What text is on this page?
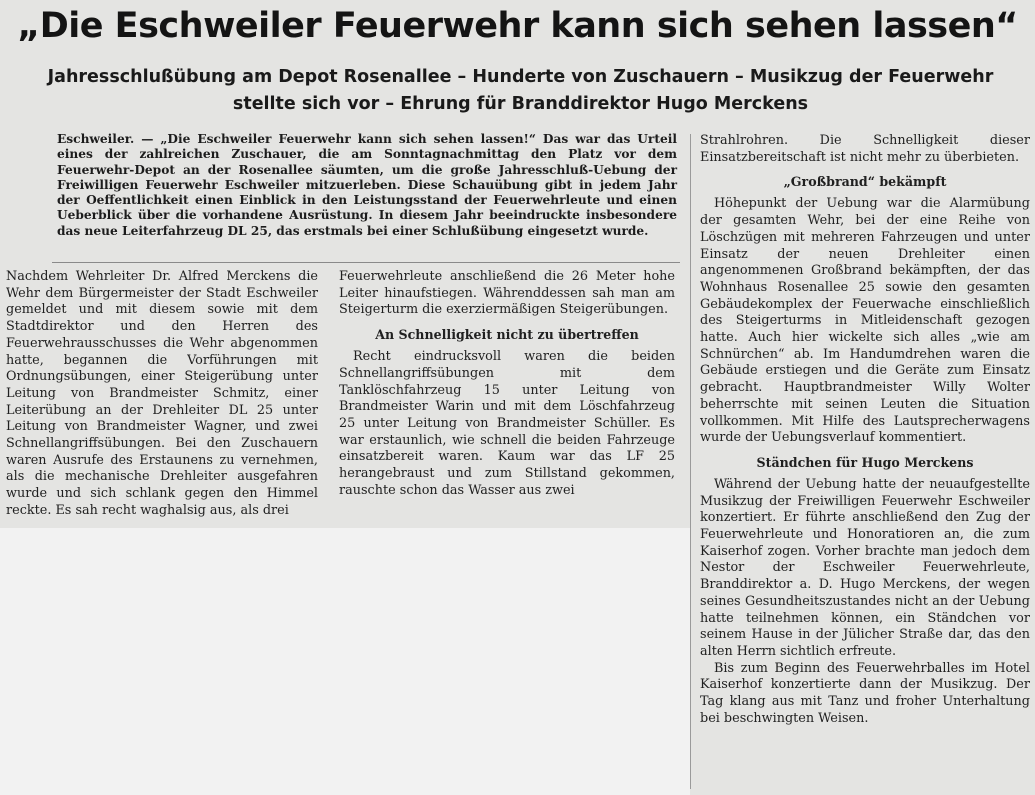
„Die Eschweiler Feuerwehr kann sich sehen lassen“
Jahresschlußübung am Depot Rosenallee – Hunderte von Zuschauern – Musikzug der Feuerwehr stellte sich vor – Ehrung für Branddirektor Hugo Merckens
Eschweiler. — „Die Eschweiler Feuerwehr kann sich sehen lassen!“ Das war das Urteil eines der zahlreichen Zuschauer, die am Sonntagnachmittag den Platz vor dem Feuerwehr-Depot an der Rosenallee säumten, um die große Jahresschluß-Uebung der Freiwilligen Feuerwehr Eschweiler mitzuerleben. Diese Schauübung gibt in jedem Jahr der Oeffentlichkeit einen Einblick in den Leistungsstand der Feuerwehrleute und einen Ueberblick über die vorhandene Ausrüstung. In diesem Jahr beeindruckte insbesondere das neue Leiterfahrzeug DL 25, das erstmals bei einer Schlußübung eingesetzt wurde.

Nachdem Wehrleiter Dr. Alfred Merckens die Wehr dem Bürgermeister der Stadt Eschweiler gemeldet und mit diesem sowie mit dem Stadtdirektor und den Herren des Feuerwehrausschusses die Wehr abgenommen hatte, begannen die Vorführungen mit Ordnungsübungen, einer Steigerübung unter Leitung von Brandmeister Schmitz, einer Leiterübung an der Drehleiter DL 25 unter Leitung von Brandmeister Wagner, und zwei Schnellangriffsübungen. Bei den Zuschauern waren Ausrufe des Erstaunens zu vernehmen, als die mechanische Drehleiter ausgefahren wurde und sich schlank gegen den Himmel reckte. Es sah recht waghalsig aus, als drei

Feuerwehrleute anschließend die 26 Meter hohe Leiter hinaufstiegen. Währenddessen sah man am Steigerturm die exerziermäßigen Steigerübungen.

An Schnelligkeit nicht zu übertreffen

Recht eindrucksvoll waren die beiden Schnellangriffsübungen mit dem Tanklöschfahrzeug 15 unter Leitung von Brandmeister Warin und mit dem Löschfahrzeug 25 unter Leitung von Brandmeister Schüller. Es war erstaunlich, wie schnell die beiden Fahrzeuge einsatzbereit waren. Kaum war das LF 25 herangebraust und zum Stillstand gekommen, rauschte schon das Wasser aus zwei

Strahlrohren. Die Schnelligkeit dieser Einsatzbereitschaft ist nicht mehr zu überbieten.

„Großbrand“ bekämpft

Höhepunkt der Uebung war die Alarmübung der gesamten Wehr, bei der eine Reihe von Löschzügen mit mehreren Fahrzeugen und unter Einsatz der neuen Drehleiter einen angenommenen Großbrand bekämpften, der das Wohnhaus Rosenallee 25 sowie den gesamten Gebäudekomplex der Feuerwache einschließlich des Steigerturms in Mitleidenschaft gezogen hatte. Auch hier wickelte sich alles „wie am Schnürchen“ ab. Im Handumdrehen waren die Gebäude erstiegen und die Geräte zum Einsatz gebracht. Hauptbrandmeister Willy Wolter beherrschte mit seinen Leuten die Situation vollkommen. Mit Hilfe des Lautsprecherwagens wurde der Uebungsverlauf kommentiert.

Ständchen für Hugo Merckens

Während der Uebung hatte der neuaufgestellte Musikzug der Freiwilligen Feuerwehr Eschweiler konzertiert. Er führte anschließend den Zug der Feuerwehrleute und Honoratioren an, die zum Kaiserhof zogen. Vorher brachte man jedoch dem Nestor der Eschweiler Feuerwehrleute, Branddirektor a. D. Hugo Merckens, der wegen seines Gesundheitszustandes nicht an der Uebung hatte teilnehmen können, ein Ständchen vor seinem Hause in der Jülicher Straße dar, das den alten Herrn sichtlich erfreute.

Bis zum Beginn des Feuerwehrballes im Hotel Kaiserhof konzertierte dann der Musikzug. Der Tag klang aus mit Tanz und froher Unterhaltung bei beschwingten Weisen.
